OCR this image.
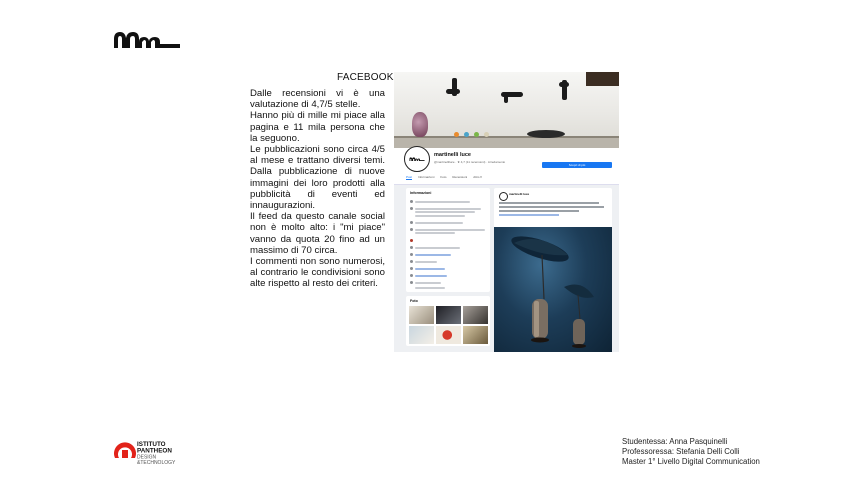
FACEBOOK

Dalle recensioni vi è una valutazione di 4,7/5 stelle.

Hanno più di mille mi piace alla pagina e 11 mila persona che la seguono.

Le pubblicazioni sono circa 4/5 al mese e trattano diversi temi. Dalla pubblicazione di nuove immagini dei loro prodotti alla pubblicità di eventi ed innaugurazioni.

Il feed da questo canale social non è molto alto: i "mi piace" vanno da quota 20 fino ad un massimo di 70 circa.

I commenti non sono numerosi, al contrario le condivisioni sono alte rispetto al resto dei criteri.

martinelli luce
@martinelliluce · ★ 4,7 (11 recensioni) · Arredamento
Scopri di più
Post Informazioni Foto Recensioni Altro ▾
Informazioni
Foto
martinelli luce
ISTITUTO
PANTHEON
DESIGN
&TECHNOLOGY
Studentessa: Anna Pasquinelli
Professoressa: Stefania Delli Colli
Master 1° Livello Digital Communication
